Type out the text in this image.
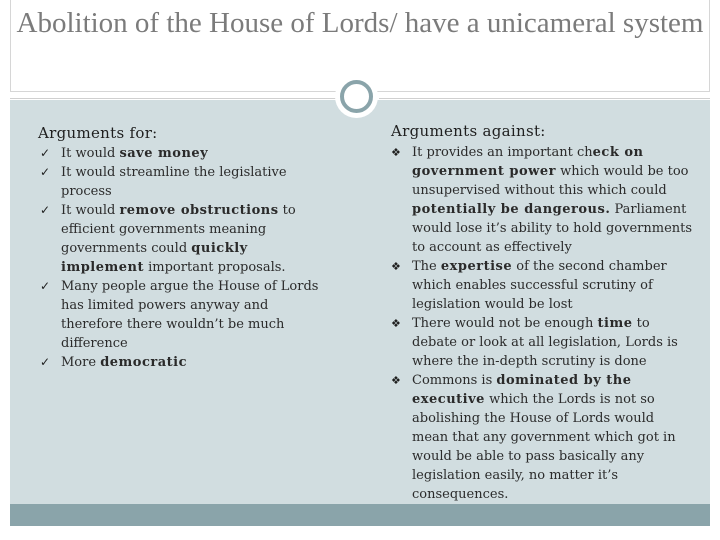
Abolition of the House of Lords/ have a unicameral system
Arguments for:
✓ It would save money
✓ It would streamline the legislative process
✓ It would remove obstructions to efficient governments meaning governments could quickly implement important proposals.
✓ Many people argue the House of Lords has limited powers anyway and therefore there wouldn’t be much difference
✓ More democratic
Arguments against:
❖ It provides an important check on government power which would be too unsupervised without this which could potentially be dangerous. Parliament would lose it’s ability to hold governments to account as effectively
❖ The expertise of the second chamber which enables successful scrutiny of legislation would be lost
❖ There would not be enough time to debate or look at all legislation, Lords is where the in-depth scrutiny is done
❖ Commons is dominated by the executive which the Lords is not so abolishing the House of Lords would mean that any government which got in would be able to pass basically any legislation easily, no matter it’s consequences.
